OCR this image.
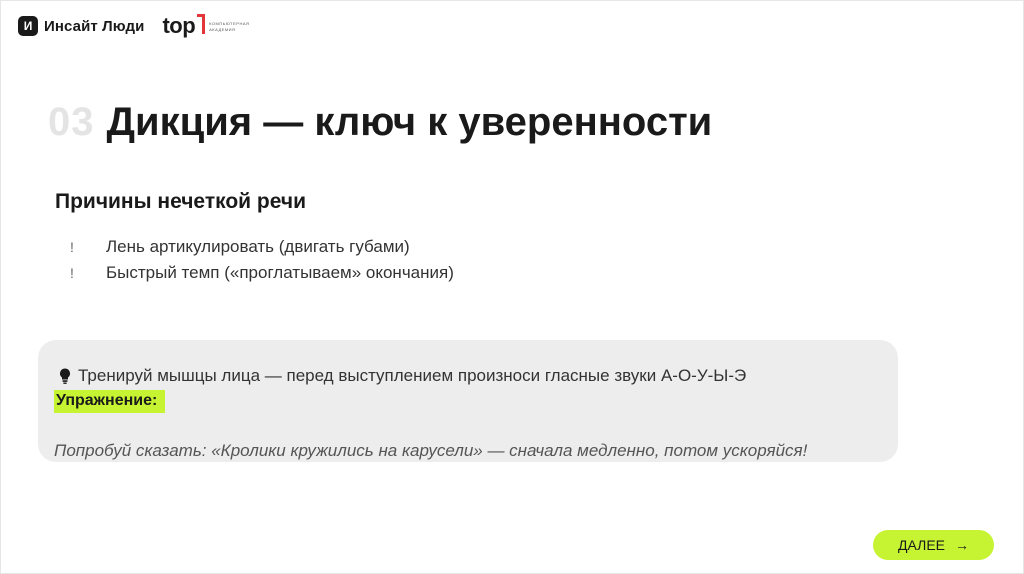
И Инсайт Люди top	КОМПЬЮТЕРНАЯ
АКАДЕМИЯ
03 Дикция — ключ к уверенности
Причины нечеткой речи
!	Лень артикулировать (двигать губами)
!	Быстрый темп («проглатываем» окончания)
Тренируй мышцы лица — перед выступлением произноси гласные звуки А-О-У-Ы-Э
Упражнение:
Попробуй сказать: «Кролики кружились на карусели» — сначала медленно, потом ускоряйся!
ДАЛЕЕ →
